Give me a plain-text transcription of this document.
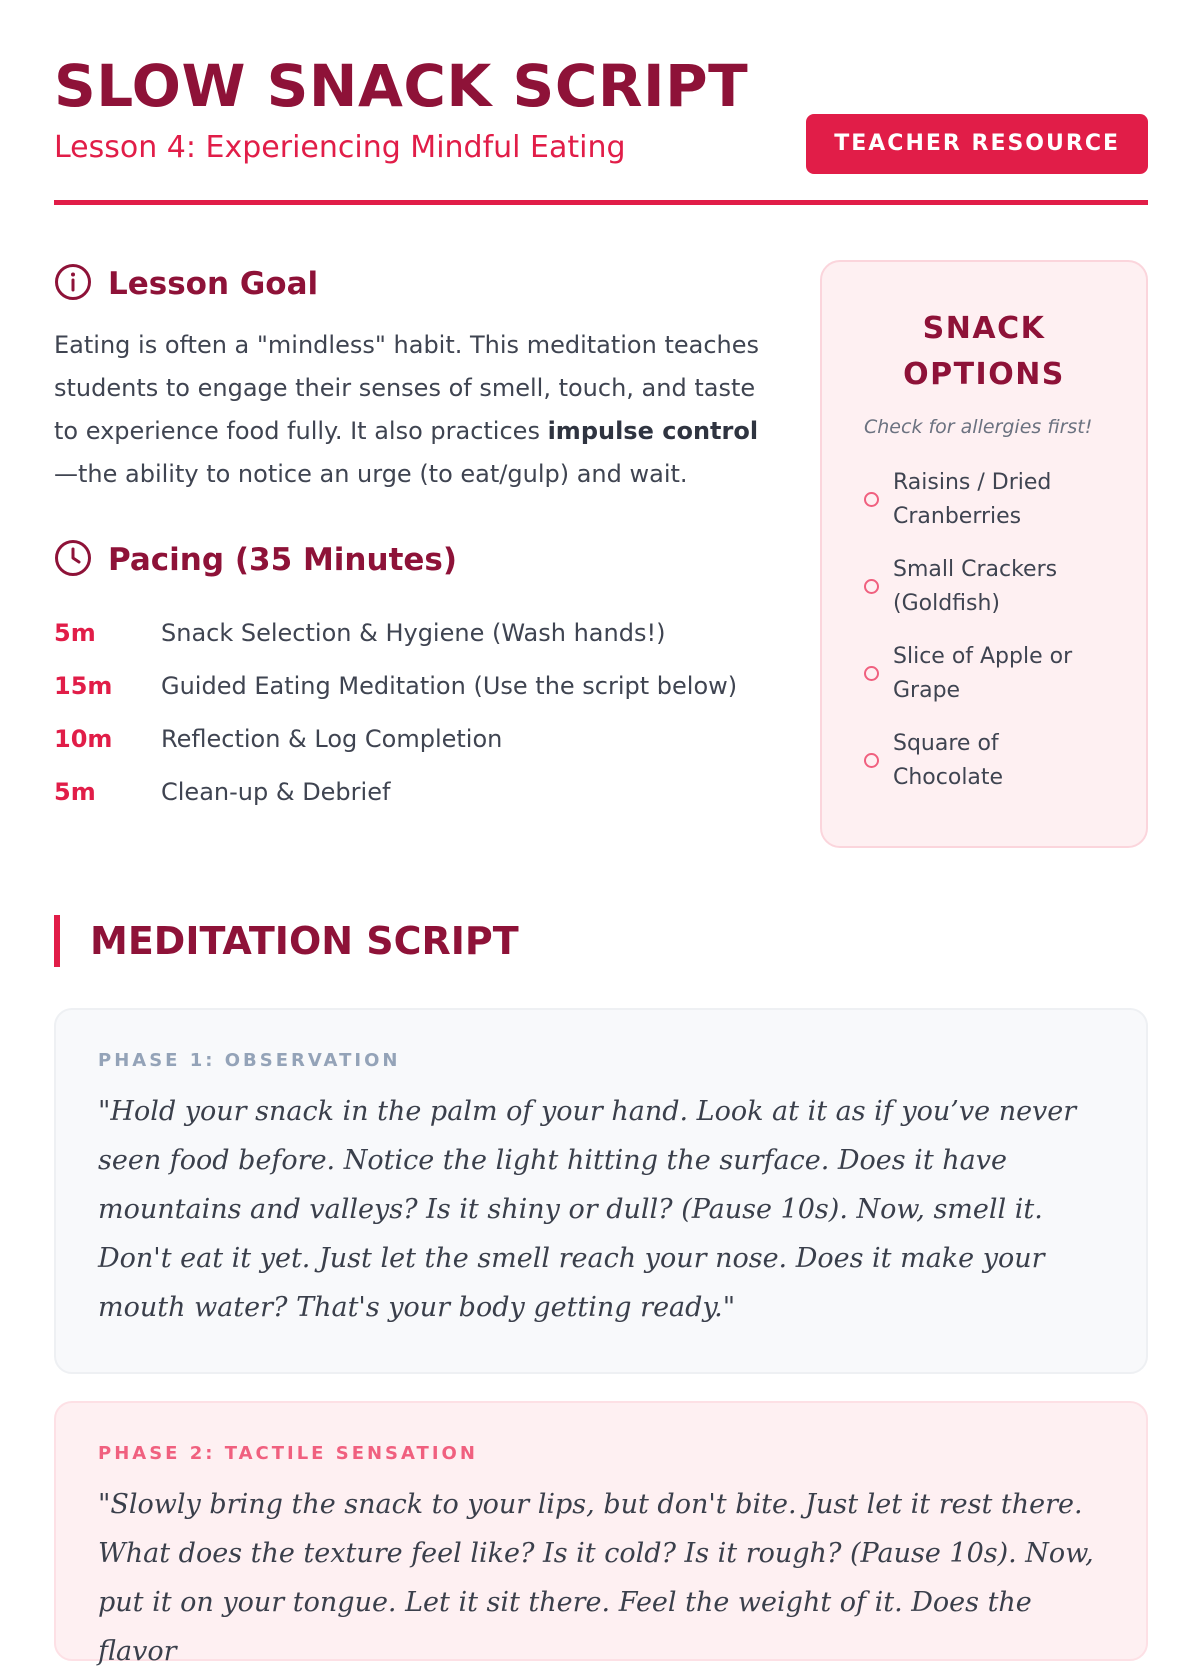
SLOW SNACK SCRIPT
Lesson 4: Experiencing Mindful Eating	TEACHER RESOURCE
Lesson Goal

Eating is often a "mindless" habit. This meditation teaches students to engage their senses of smell, touch, and taste to experience food fully. It also practices impulse control—the ability to notice an urge (to eat/gulp) and wait.

Pacing (35 Minutes)
5m	Snack Selection & Hygiene (Wash hands!)
15m	Guided Eating Meditation (Use the script below)
10m	Reflection & Log Completion
5m	Clean-up & Debrief
SNACK
OPTIONS
Check for allergies first!
Raisins / Dried
Cranberries
Small Crackers
(Goldfish)
Slice of Apple or
Grape
Square of
Chocolate
MEDITATION SCRIPT
PHASE 1: OBSERVATION

"Hold your snack in the palm of your hand. Look at it as if you’ve never seen food before. Notice the light hitting the surface. Does it have mountains and valleys? Is it shiny or dull? (Pause 10s). Now, smell it. Don't eat it yet. Just let the smell reach your nose. Does it make your mouth water? That's your body getting ready."

PHASE 2: TACTILE SENSATION

"Slowly bring the snack to your lips, but don't bite. Just let it rest there. What does the texture feel like? Is it cold? Is it rough? (Pause 10s). Now, put it on your tongue. Let it sit there. Feel the weight of it. Does the flavor
